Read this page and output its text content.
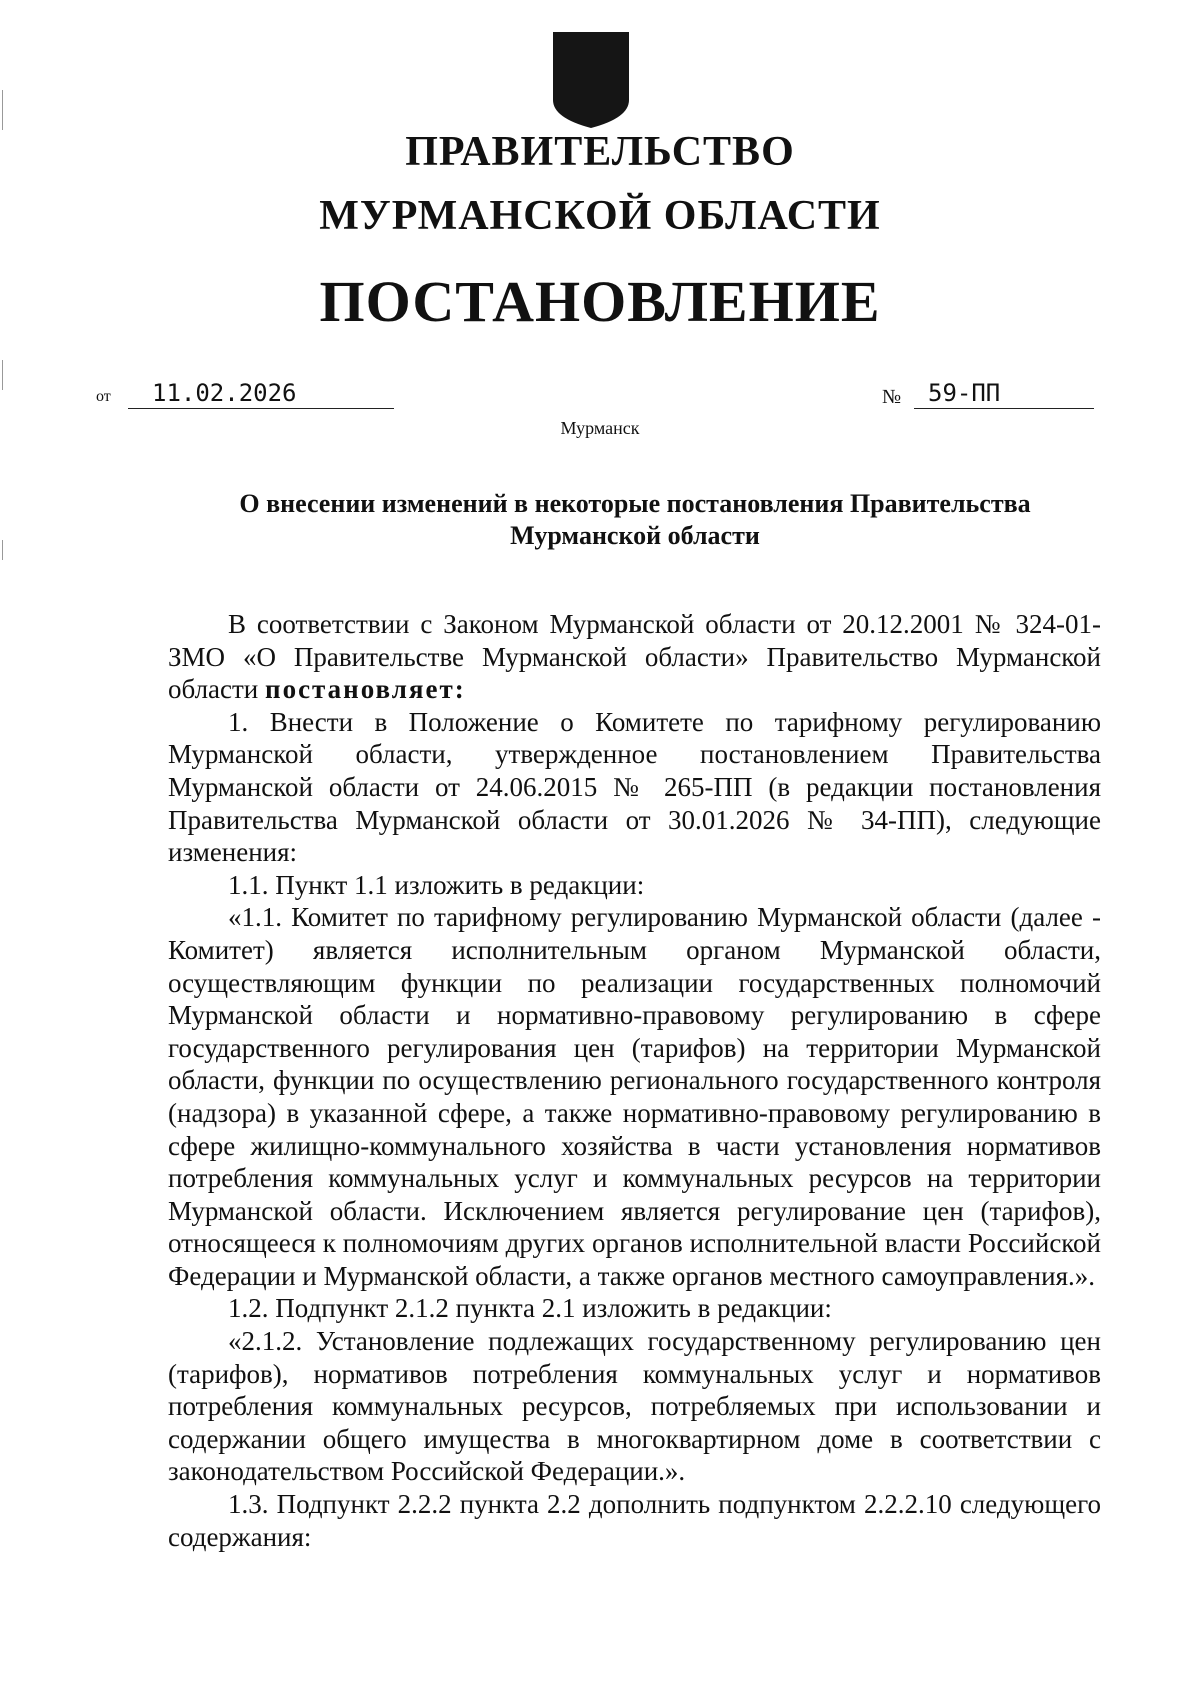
ПРАВИТЕЛЬСТВО
МУРМАНСКОЙ ОБЛАСТИ
ПОСТАНОВЛЕНИЕ
от	11.02.2026	№	59-ПП
Мурманск
О внесении изменений в некоторые постановления Правительства Мурманской области

В соответствии с Законом Мурманской области от 20.12.2001 № 324-01-ЗМО «О Правительстве Мурманской области» Правительство Мурманской области постановляет:

1. Внести в Положение о Комитете по тарифному регулированию Мурманской области, утвержденное постановлением Правительства Мурманской области от 24.06.2015 № 265-ПП (в редакции постановления Правительства Мурманской области от 30.01.2026 № 34-ПП), следующие изменения:

1.1. Пункт 1.1 изложить в редакции:

«1.1. Комитет по тарифному регулированию Мурманской области (далее - Комитет) является исполнительным органом Мурманской области, осуществляющим функции по реализации государственных полномочий Мурманской области и нормативно-правовому регулированию в сфере государственного регулирования цен (тарифов) на территории Мурманской области, функции по осуществлению регионального государственного контроля (надзора) в указанной сфере, а также нормативно-правовому регулированию в сфере жилищно-коммунального хозяйства в части установления нормативов потребления коммунальных услуг и коммунальных ресурсов на территории Мурманской области. Исключением является регулирование цен (тарифов), относящееся к полномочиям других органов исполнительной власти Российской Федерации и Мурманской области, а также органов местного самоуправления.».

1.2. Подпункт 2.1.2 пункта 2.1 изложить в редакции:

«2.1.2. Установление подлежащих государственному регулированию цен (тарифов), нормативов потребления коммунальных услуг и нормативов потребления коммунальных ресурсов, потребляемых при использовании и содержании общего имущества в многоквартирном доме в соответствии с законодательством Российской Федерации.».

1.3. Подпункт 2.2.2 пункта 2.2 дополнить подпунктом 2.2.2.10 следующего содержания:
